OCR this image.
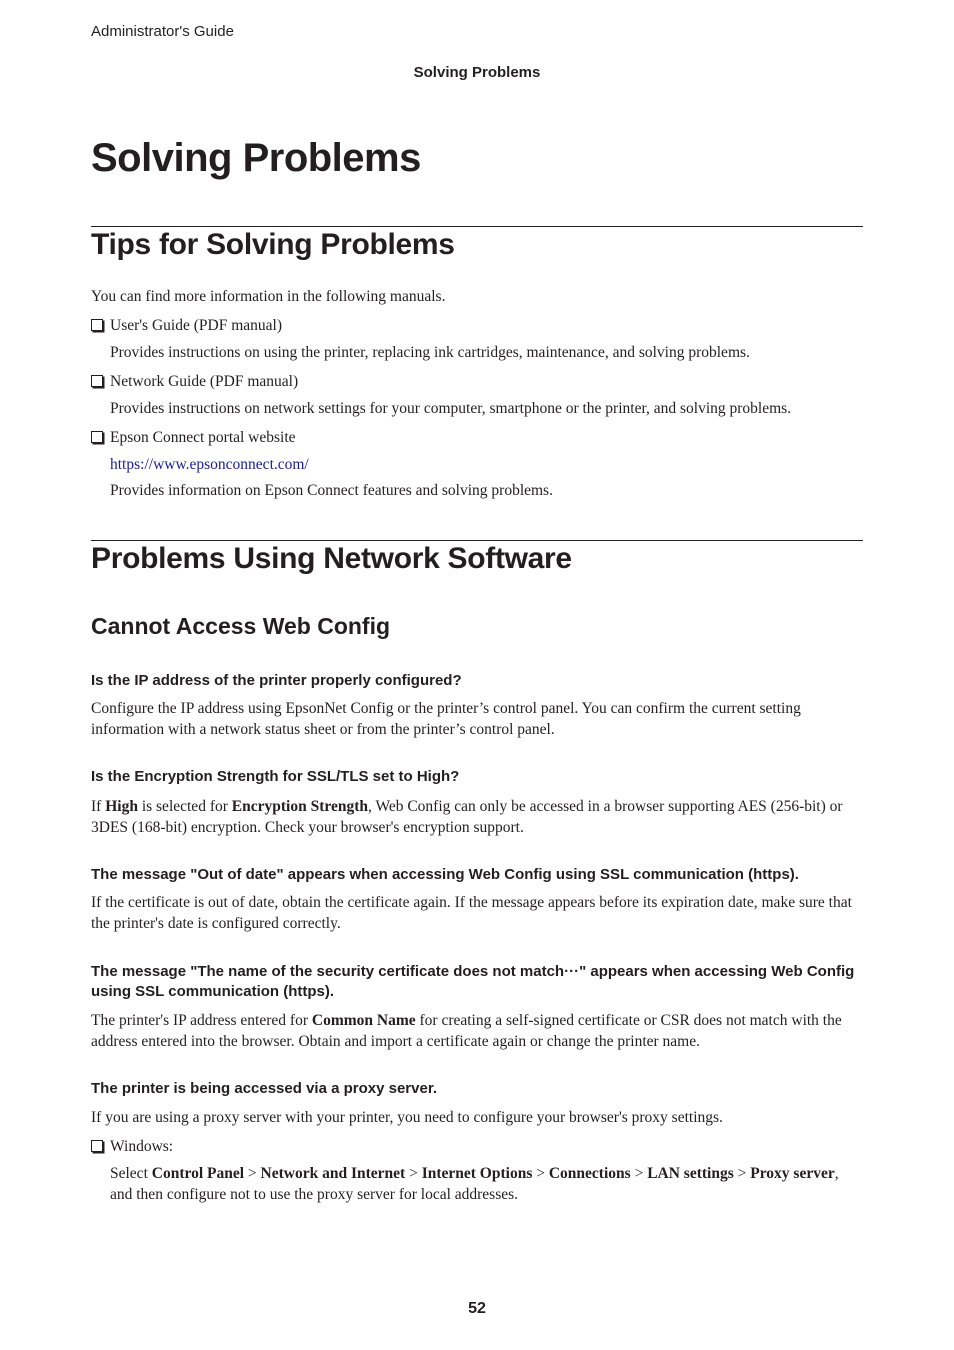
Administrator's Guide
Solving Problems
Solving Problems
Tips for Solving Problems
You can find more information in the following manuals.
User's Guide (PDF manual)
Provides instructions on using the printer, replacing ink cartridges, maintenance, and solving problems.
Network Guide (PDF manual)
Provides instructions on network settings for your computer, smartphone or the printer, and solving problems.
Epson Connect portal website
https://www.epsonconnect.com/
Provides information on Epson Connect features and solving problems.
Problems Using Network Software
Cannot Access Web Config
Is the IP address of the printer properly configured?
Configure the IP address using EpsonNet Config or the printer’s control panel. You can confirm the current setting information with a network status sheet or from the printer’s control panel.
Is the Encryption Strength for SSL/TLS set to High?
If High is selected for Encryption Strength, Web Config can only be accessed in a browser supporting AES (256-bit) or 3DES (168-bit) encryption. Check your browser's encryption support.
The message "Out of date" appears when accessing Web Config using SSL communication (https).
If the certificate is out of date, obtain the certificate again. If the message appears before its expiration date, make sure that the printer's date is configured correctly.
The message "The name of the security certificate does not match···" appears when accessing Web Config using SSL communication (https).
The printer's IP address entered for Common Name for creating a self-signed certificate or CSR does not match with the address entered into the browser. Obtain and import a certificate again or change the printer name.
The printer is being accessed via a proxy server.
If you are using a proxy server with your printer, you need to configure your browser's proxy settings.
Windows:
Select Control Panel > Network and Internet > Internet Options > Connections > LAN settings > Proxy server, and then configure not to use the proxy server for local addresses.
52
